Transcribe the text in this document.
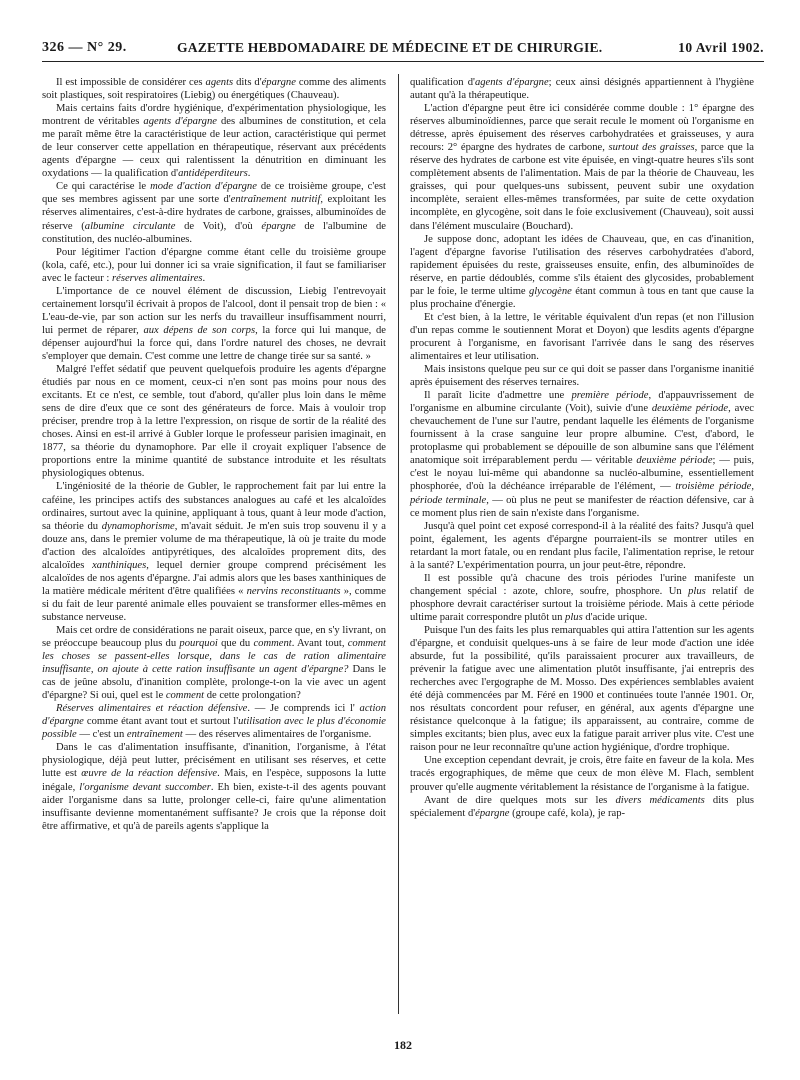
326 — N° 29.	GAZETTE HEBDOMADAIRE DE MÉDECINE ET DE CHIRURGIE.	10 Avril 1902.

Il est impossible de considérer ces agents dits d'épargne comme des aliments soit plastiques, soit respiratoires (Liebig) ou énergétiques (Chauveau).

Mais certains faits d'ordre hygiénique, d'expérimentation physiologique, les montrent de véritables agents d'épargne des albumines de constitution, et cela me paraît même être la caractéristique de leur action, caractéristique qui permet de leur conserver cette appellation en thérapeutique, réservant aux précédents agents d'épargne — ceux qui ralentissent la dénutrition en diminuant les oxydations — la qualification d'antidéperditeurs.

Ce qui caractérise le mode d'action d'épargne de ce troisième groupe, c'est que ses membres agissent par une sorte d'entraînement nutritif, exploitant les réserves alimentaires, c'est-à-dire hydrates de carbone, graisses, albuminoïdes de réserve (albumine circulante de Voit), d'où épargne de l'albumine de constitution, des nucléo-albumines.

Pour légitimer l'action d'épargne comme étant celle du troisième groupe (kola, café, etc.), pour lui donner ici sa vraie signification, il faut se familiariser avec le facteur : réserves alimentaires.

L'importance de ce nouvel élément de discussion, Liebig l'entrevoyait certainement lorsqu'il écrivait à propos de l'alcool, dont il pensait trop de bien : « L'eau-de-vie, par son action sur les nerfs du travailleur insuffisamment nourri, lui permet de réparer, aux dépens de son corps, la force qui lui manque, de dépenser aujourd'hui la force qui, dans l'ordre naturel des choses, ne devrait s'employer que demain. C'est comme une lettre de change tirée sur sa santé. »

Malgré l'effet sédatif que peuvent quelquefois produire les agents d'épargne étudiés par nous en ce moment, ceux-ci n'en sont pas moins pour nous des excitants. Et ce n'est, ce semble, tout d'abord, qu'aller plus loin dans le même sens de dire d'eux que ce sont des générateurs de force. Mais à vouloir trop préciser, prendre trop à la lettre l'expression, on risque de sortir de la réalité des choses. Ainsi en est-il arrivé à Gubler lorque le professeur parisien imaginait, en 1877, sa théorie du dynamophore. Par elle il croyait expliquer l'absence de proportions entre la minime quantité de substance introduite et les résultats physiologiques obtenus.

L'ingéniosité de la théorie de Gubler, le rapprochement fait par lui entre la caféine, les principes actifs des substances analogues au café et les alcaloïdes ordinaires, surtout avec la quinine, appliquant à tous, quant à leur mode d'action, sa théorie du dynamophorisme, m'avait séduit. Je m'en suis trop souvenu il y a douze ans, dans le premier volume de ma thérapeutique, là où je traite du mode d'action des alcaloïdes antipyrétiques, des alcaloïdes proprement dits, des alcaloïdes xanthiniques, lequel dernier groupe comprend précisément les alcaloïdes de nos agents d'épargne. J'ai admis alors que les bases xanthiniques de la matière médicale méritent d'être qualifiées « nervins reconstituants », comme si du fait de leur parenté animale elles pouvaient se transformer elles-mêmes en substance nerveuse.

Mais cet ordre de considérations ne parait oiseux, parce que, en s'y livrant, on se préoccupe beaucoup plus du pourquoi que du comment. Avant tout, comment les choses se passent-elles lorsque, dans le cas de ration alimentaire insuffisante, on ajoute à cette ration insuffisante un agent d'épargne? Dans le cas de jeûne absolu, d'inanition complète, prolonge-t-on la vie avec un agent d'épargne? Si oui, quel est le comment de cette prolongation?

Réserves alimentaires et réaction défensive. — Je comprends ici l' action d'épargne comme étant avant tout et surtout l'utilisation avec le plus d'économie possible — c'est un entraînement — des réserves alimentaires de l'organisme.

Dans le cas d'alimentation insuffisante, d'inanition, l'organisme, à l'état physiologique, déjà peut lutter, précisément en utilisant ses réserves, et cette lutte est œuvre de la réaction défensive. Mais, en l'espèce, supposons la lutte inégale, l'organisme devant succomber. Eh bien, existe-t-il des agents pouvant aider l'organisme dans sa lutte, prolonger celle-ci, faire qu'une alimentation insuffisante devienne momentanément suffisante? Je crois que la réponse doit être affirmative, et qu'à de pareils agents s'applique la

qualification d'agents d'épargne; ceux ainsi désignés appartiennent à l'hygiène autant qu'à la thérapeutique.

L'action d'épargne peut être ici considérée comme double : 1° épargne des réserves albuminoïdiennes, parce que serait recule le moment où l'organisme en détresse, après épuisement des réserves carbohydratées et graisseuses, y aura recours: 2° épargne des hydrates de carbone, surtout des graisses, parce que la réserve des hydrates de carbone est vite épuisée, en vingt-quatre heures s'ils sont complètement absents de l'alimentation. Mais de par la théorie de Chauveau, les graisses, qui pour quelques-uns subissent, peuvent subir une oxydation incomplète, seraient elles-mêmes transformées, par suite de cette oxydation incomplète, en glycogène, soit dans le foie exclusivement (Chauveau), soit aussi dans l'élément musculaire (Bouchard).

Je suppose donc, adoptant les idées de Chauveau, que, en cas d'inanition, l'agent d'épargne favorise l'utilisation des réserves carbohydratées d'abord, rapidement épuisées du reste, graisseuses ensuite, enfin, des albuminoïdes de réserve, en partie dédoublés, comme s'ils étaient des glycosides, probablement par le foie, le terme ultime glycogène étant commun à tous en tant que cause la plus prochaine d'énergie.

Et c'est bien, à la lettre, le véritable équivalent d'un repas (et non l'illusion d'un repas comme le soutiennent Morat et Doyon) que lesdits agents d'épargne procurent à l'organisme, en favorisant l'arrivée dans le sang des réserves alimentaires et leur utilisation.

Mais insistons quelque peu sur ce qui doit se passer dans l'organisme inanitié après épuisement des réserves ternaires.

Il paraît licite d'admettre une première période, d'appauvrissement de l'organisme en albumine circulante (Voit), suivie d'une deuxième période, avec chevauchement de l'une sur l'autre, pendant laquelle les éléments de l'organisme fournissent à la crase sanguine leur propre albumine. C'est, d'abord, le protoplasme qui probablement se dépouille de son albumine sans que l'élément anatomique soit irréparablement perdu — véritable deuxième période; — puis, c'est le noyau lui-même qui abandonne sa nucléo-albumine, essentiellement phosphorée, d'où la déchéance irréparable de l'élément, — troisième période, période terminale, — où plus ne peut se manifester de réaction défensive, car à ce moment plus rien de sain n'existe dans l'organisme.

Jusqu'à quel point cet exposé correspond-il à la réalité des faits? Jusqu'à quel point, également, les agents d'épargne pourraient-ils se montrer utiles en retardant la mort fatale, ou en rendant plus facile, l'alimentation reprise, le retour à la santé? L'expérimentation pourra, un jour peut-être, répondre.

Il est possible qu'à chacune des trois périodes l'urine manifeste un changement spécial : azote, chlore, soufre, phosphore. Un plus relatif de phosphore devrait caractériser surtout la troisième période. Mais à cette période ultime parait correspondre plutôt un plus d'acide urique.

Puisque l'un des faits les plus remarquables qui attira l'attention sur les agents d'épargne, et conduisit quelques-uns à se faire de leur mode d'action une idée absurde, fut la possibilité, qu'ils paraissaient procurer aux travailleurs, de prévenir la fatigue avec une alimentation plutôt insuffisante, j'ai entrepris des recherches avec l'ergographe de M. Mosso. Des expériences semblables avaient été déjà commencées par M. Féré en 1900 et continuées toute l'année 1901. Or, nos résultats concordent pour refuser, en général, aux agents d'épargne une résistance quelconque à la fatigue; ils apparaissent, au contraire, comme de simples excitants; bien plus, avec eux la fatigue parait arriver plus vite. C'est une raison pour ne leur reconnaître qu'une action hygiénique, d'ordre trophique.

Une exception cependant devrait, je crois, être faite en faveur de la kola. Mes tracés ergographiques, de même que ceux de mon élève M. Flach, semblent prouver qu'elle augmente véritablement la résistance de l'organisme à la fatigue.

Avant de dire quelques mots sur les divers médicaments dits plus spécialement d'épargne (groupe café, kola), je rap-

182
